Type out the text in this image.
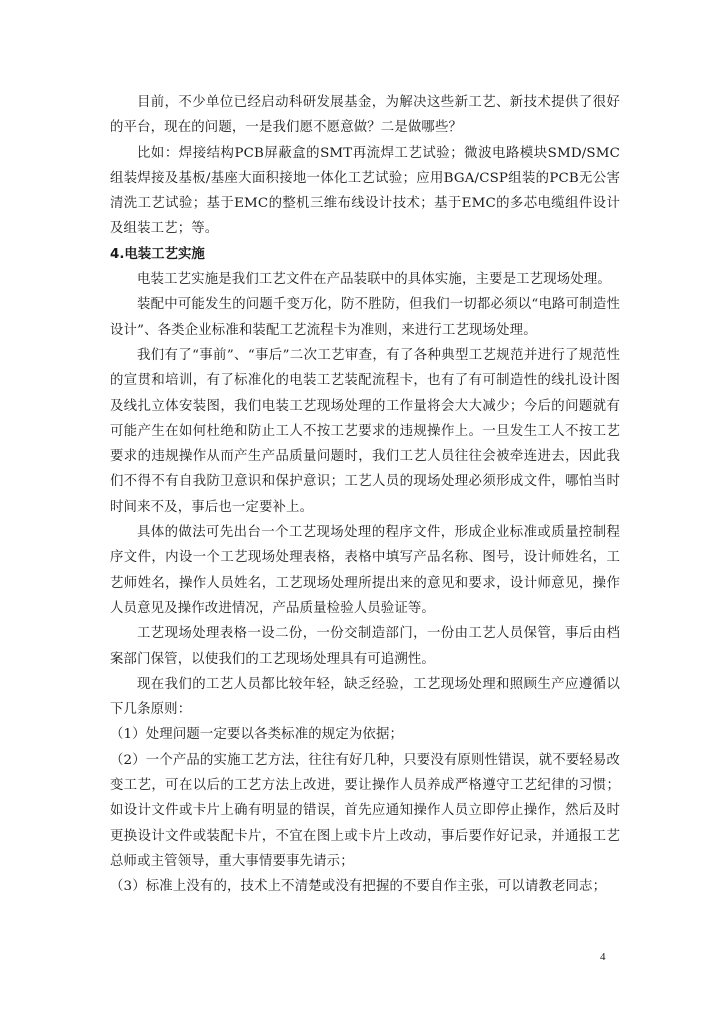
目前，不少单位已经启动科研发展基金，为解决这些新工艺、新技术提供了很好的平台，现在的问题，一是我们愿不愿意做？二是做哪些？

比如：焊接结构PCB屏蔽盒的SMT再流焊工艺试验；微波电路模块SMD/SMC组装焊接及基板/基座大面积接地一体化工艺试验；应用BGA/CSP组装的PCB无公害清洗工艺试验；基于EMC的整机三维布线设计技术；基于EMC的多芯电缆组件设计及组装工艺；等。

4.电装工艺实施

电装工艺实施是我们工艺文件在产品装联中的具体实施，主要是工艺现场处理。

装配中可能发生的问题千变万化，防不胜防，但我们一切都必须以“电路可制造性设计”、各类企业标准和装配工艺流程卡为准则，来进行工艺现场处理。

我们有了“事前”、“事后”二次工艺审查，有了各种典型工艺规范并进行了规范性的宣贯和培训，有了标准化的电装工艺装配流程卡，也有了有可制造性的线扎设计图及线扎立体安装图，我们电装工艺现场处理的工作量将会大大减少；今后的问题就有可能产生在如何杜绝和防止工人不按工艺要求的违规操作上。一旦发生工人不按工艺要求的违规操作从而产生产品质量问题时，我们工艺人员往往会被牵连进去，因此我们不得不有自我防卫意识和保护意识；工艺人员的现场处理必须形成文件，哪怕当时时间来不及，事后也一定要补上。

具体的做法可先出台一个工艺现场处理的程序文件，形成企业标准或质量控制程序文件，内设一个工艺现场处理表格，表格中填写产品名称、图号，设计师姓名，工艺师姓名，操作人员姓名，工艺现场处理所提出来的意见和要求，设计师意见，操作人员意见及操作改进情况，产品质量检验人员验证等。

工艺现场处理表格一设二份，一份交制造部门，一份由工艺人员保管，事后由档案部门保管，以使我们的工艺现场处理具有可追溯性。

现在我们的工艺人员都比较年轻，缺乏经验，工艺现场处理和照顾生产应遵循以下几条原则：

（1）处理问题一定要以各类标准的规定为依据；

（2）一个产品的实施工艺方法，往往有好几种，只要没有原则性错误，就不要轻易改变工艺，可在以后的工艺方法上改进，要让操作人员养成严格遵守工艺纪律的习惯；如设计文件或卡片上确有明显的错误，首先应通知操作人员立即停止操作，然后及时更换设计文件或装配卡片，不宜在图上或卡片上改动，事后要作好记录，并通报工艺总师或主管领导，重大事情要事先请示；

（3）标准上没有的，技术上不清楚或没有把握的不要自作主张，可以请教老同志；

4
